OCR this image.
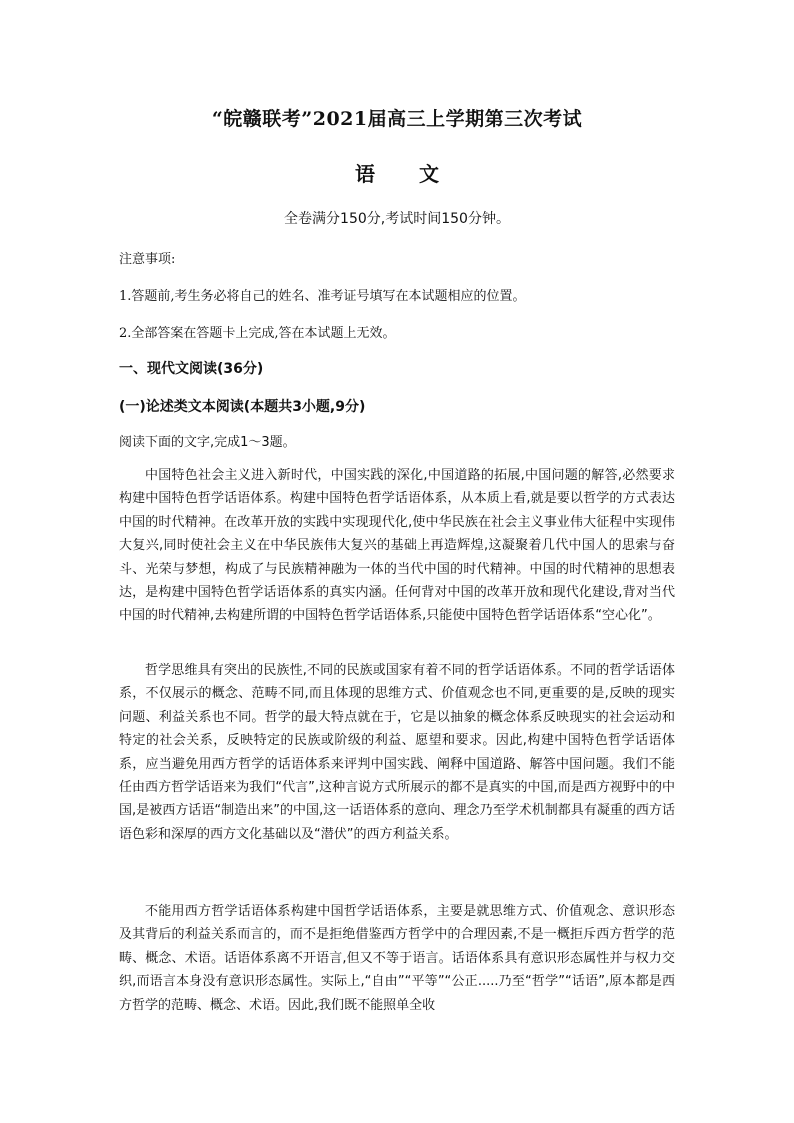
“皖赣联考”2021届高三上学期第三次考试
语文
全卷满分150分,考试时间150分钟。
注意事项:
1.答题前,考生务必将自己的姓名、准考证号填写在本试题相应的位置。
2.全部答案在答题卡上完成,答在本试题上无效。
一、现代文阅读(36分)
(一)论述类文本阅读(本题共3小题,9分)
阅读下面的文字,完成1～3题。
中国特色社会主义进入新时代，中国实践的深化,中国道路的拓展,中国问题的解答,必然要求构建中国特色哲学话语体系。构建中国特色哲学话语体系，从本质上看,就是要以哲学的方式表达中国的时代精神。在改革开放的实践中实现现代化,使中华民族在社会主义事业伟大征程中实现伟大复兴,同时使社会主义在中华民族伟大复兴的基础上再造辉煌,这凝聚着几代中国人的思索与奋斗、光荣与梦想，构成了与民族精神融为一体的当代中国的时代精神。中国的时代精神的思想表达，是构建中国特色哲学话语体系的真实内涵。任何背对中国的改革开放和现代化建设,背对当代中国的时代精神,去构建所谓的中国特色哲学话语体系,只能使中国特色哲学话语体系“空心化”。
哲学思维具有突出的民族性,不同的民族或国家有着不同的哲学话语体系。不同的哲学话语体系，不仅展示的概念、范畴不同,而且体现的思维方式、价值观念也不同,更重要的是,反映的现实问题、利益关系也不同。哲学的最大特点就在于，它是以抽象的概念体系反映现实的社会运动和特定的社会关系，反映特定的民族或阶级的利益、愿望和要求。因此,构建中国特色哲学话语体系，应当避免用西方哲学的话语体系来评判中国实践、阐释中国道路、解答中国问题。我们不能任由西方哲学话语来为我们“代言”,这种言说方式所展示的都不是真实的中国,而是西方视野中的中国,是被西方话语“制造出来”的中国,这一话语体系的意向、理念乃至学术机制都具有凝重的西方话语色彩和深厚的西方文化基础以及“潜伏”的西方利益关系。
不能用西方哲学话语体系构建中国哲学话语体系，主要是就思维方式、价值观念、意识形态及其背后的利益关系而言的，而不是拒绝借鉴西方哲学中的合理因素,不是一概拒斥西方哲学的范畴、概念、术语。话语体系离不开语言,但又不等于语言。话语体系具有意识形态属性并与权力交织,而语言本身没有意识形态属性。实际上,“自由”“平等”“公正.....乃至“哲学”“话语”,原本都是西方哲学的范畴、概念、术语。因此,我们既不能照单全收
